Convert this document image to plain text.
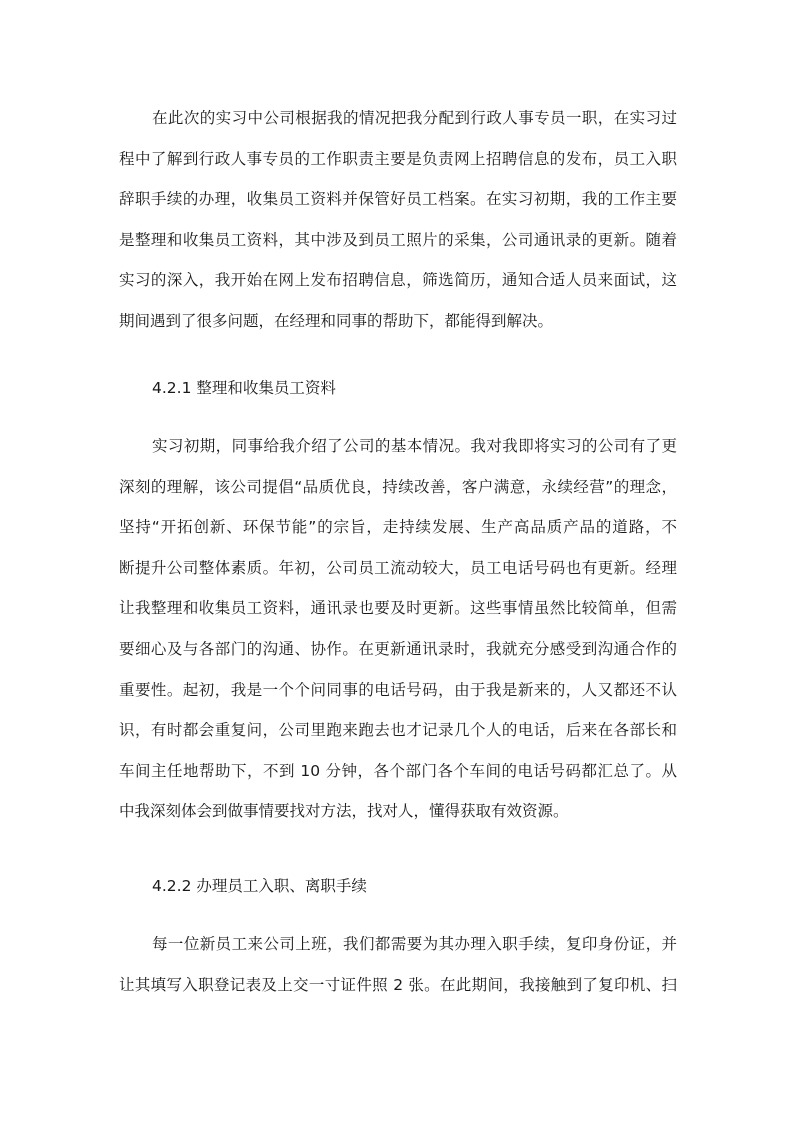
在此次的实习中公司根据我的情况把我分配到行政人事专员一职，在实习过
程中了解到行政人事专员的工作职责主要是负责网上招聘信息的发布，员工入职
辞职手续的办理，收集员工资料并保管好员工档案。在实习初期，我的工作主要
是整理和收集员工资料，其中涉及到员工照片的采集，公司通讯录的更新。随着
实习的深入，我开始在网上发布招聘信息，筛选简历，通知合适人员来面试，这
期间遇到了很多问题，在经理和同事的帮助下，都能得到解决。
4.2.1 整理和收集员工资料
实习初期，同事给我介绍了公司的基本情况。我对我即将实习的公司有了更
深刻的理解，该公司提倡“品质优良，持续改善，客户满意，永续经营”的理念，
坚持“开拓创新、环保节能”的宗旨，走持续发展、生产高品质产品的道路，不
断提升公司整体素质。年初，公司员工流动较大，员工电话号码也有更新。经理
让我整理和收集员工资料，通讯录也要及时更新。这些事情虽然比较简单，但需
要细心及与各部门的沟通、协作。在更新通讯录时，我就充分感受到沟通合作的
重要性。起初，我是一个个问同事的电话号码，由于我是新来的，人又都还不认
识，有时都会重复问，公司里跑来跑去也才记录几个人的电话，后来在各部长和
车间主任地帮助下，不到 10 分钟，各个部门各个车间的电话号码都汇总了。从
中我深刻体会到做事情要找对方法，找对人，懂得获取有效资源。
4.2.2 办理员工入职、离职手续
每一位新员工来公司上班，我们都需要为其办理入职手续，复印身份证，并
让其填写入职登记表及上交一寸证件照 2 张。在此期间，我接触到了复印机、扫
